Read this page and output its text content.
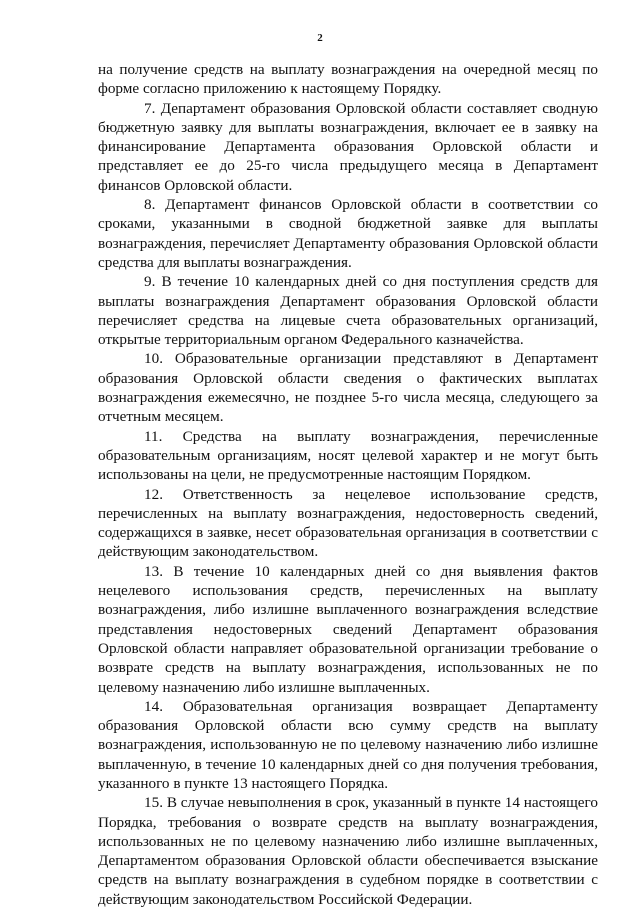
2

на получение средств на выплату вознаграждения на очередной месяц по форме согласно приложению к настоящему Порядку.

7. Департамент образования Орловской области составляет сводную бюджетную заявку для выплаты вознаграждения, включает ее в заявку на финансирование Департамента образования Орловской области и представляет ее до 25-го числа предыдущего месяца в Департамент финансов Орловской области.

8. Департамент финансов Орловской области в соответствии со сроками, указанными в сводной бюджетной заявке для выплаты вознаграждения, перечисляет Департаменту образования Орловской области средства для выплаты вознаграждения.

9. В течение 10 календарных дней со дня поступления средств для выплаты вознаграждения Департамент образования Орловской области перечисляет средства на лицевые счета образовательных организаций, открытые территориальным органом Федерального казначейства.

10. Образовательные организации представляют в Департамент образования Орловской области сведения о фактических выплатах вознаграждения ежемесячно, не позднее 5-го числа месяца, следующего за отчетным месяцем.

11. Средства на выплату вознаграждения, перечисленные образовательным организациям, носят целевой характер и не могут быть использованы на цели, не предусмотренные настоящим Порядком.

12. Ответственность за нецелевое использование средств, перечисленных на выплату вознаграждения, недостоверность сведений, содержащихся в заявке, несет образовательная организация в соответствии с действующим законодательством.

13. В течение 10 календарных дней со дня выявления фактов нецелевого использования средств, перечисленных на выплату вознаграждения, либо излишне выплаченного вознаграждения вследствие представления недостоверных сведений Департамент образования Орловской области направляет образовательной организации требование о возврате средств на выплату вознаграждения, использованных не по целевому назначению либо излишне выплаченных.

14. Образовательная организация возвращает Департаменту образования Орловской области всю сумму средств на выплату вознаграждения, использованную не по целевому назначению либо излишне выплаченную, в течение 10 календарных дней со дня получения требования, указанного в пункте 13 настоящего Порядка.

15. В случае невыполнения в срок, указанный в пункте 14 настоящего Порядка, требования о возврате средств на выплату вознаграждения, использованных не по целевому назначению либо излишне выплаченных, Департаментом образования Орловской области обеспечивается взыскание средств на выплату вознаграждения в судебном порядке в соответствии с действующим законодательством Российской Федерации.
